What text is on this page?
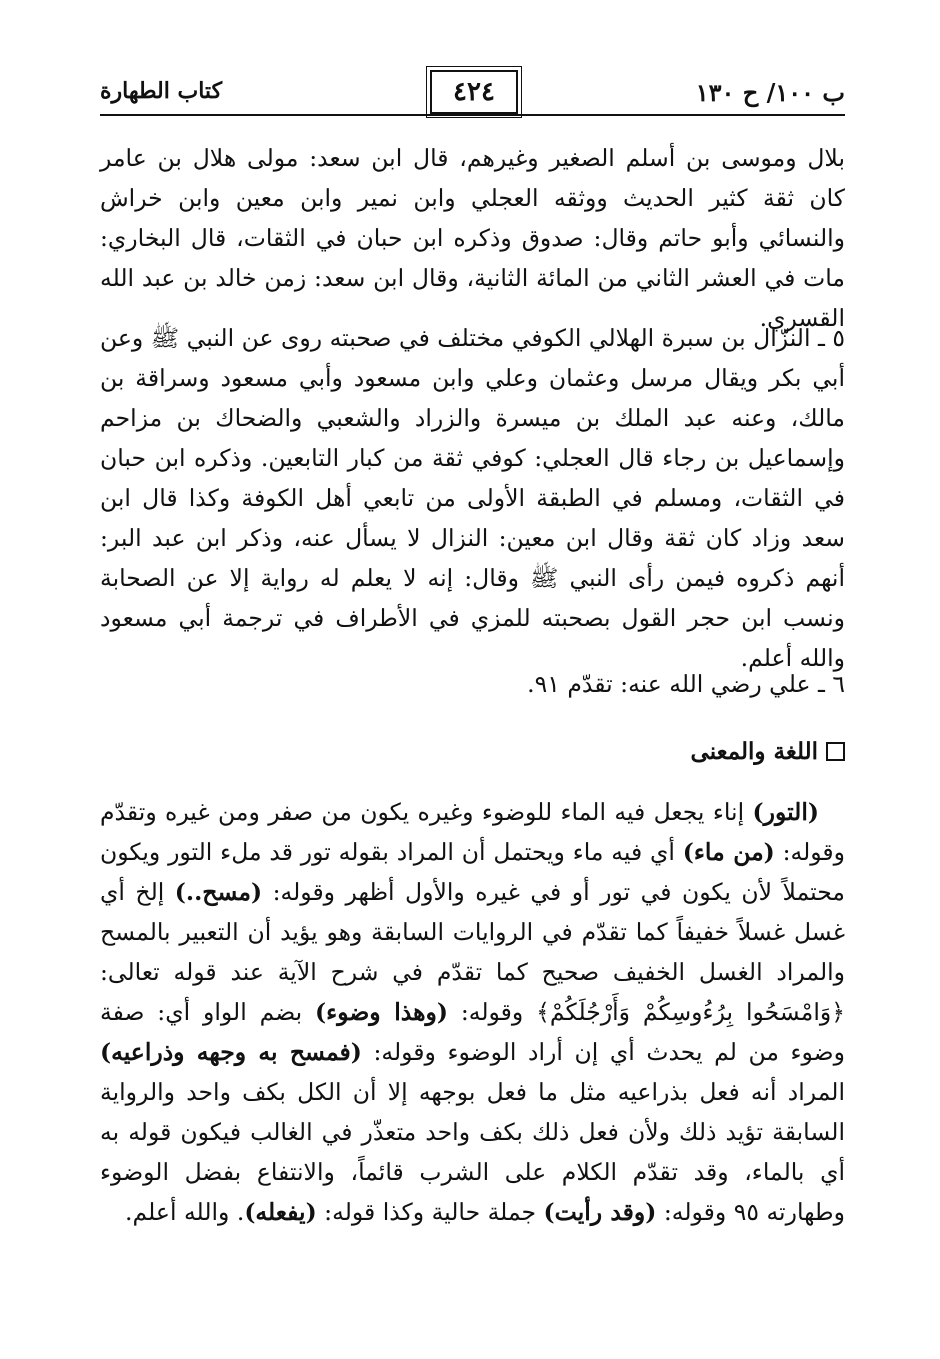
ب ١٠٠/ ح ١٣٠
٤٢٤
كتاب الطهارة
بلال وموسى بن أسلم الصغير وغيرهم، قال ابن سعد: مولى هلال بن عامر كان ثقة كثير الحديث ووثقه العجلي وابن نمير وابن معين وابن خراش والنسائي وأبو حاتم وقال: صدوق وذكره ابن حبان في الثقات، قال البخاري: مات في العشر الثاني من المائة الثانية، وقال ابن سعد: زمن خالد بن عبد الله القسري.
٥ ـ النزّال بن سبرة الهلالي الكوفي مختلف في صحبته روى عن النبي ﷺ وعن أبي بكر ويقال مرسل وعثمان وعلي وابن مسعود وأبي مسعود وسراقة بن مالك، وعنه عبد الملك بن ميسرة والزراد والشعبي والضحاك بن مزاحم وإسماعيل بن رجاء قال العجلي: كوفي ثقة من كبار التابعين. وذكره ابن حبان في الثقات، ومسلم في الطبقة الأولى من تابعي أهل الكوفة وكذا قال ابن سعد وزاد كان ثقة وقال ابن معين: النزال لا يسأل عنه، وذكر ابن عبد البر: أنهم ذكروه فيمن رأى النبي ﷺ وقال: إنه لا يعلم له رواية إلا عن الصحابة ونسب ابن حجر القول بصحبته للمزي في الأطراف في ترجمة أبي مسعود والله أعلم.
٦ ـ علي رضي الله عنه: تقدّم ٩١.
اللغة والمعنى
(التور) إناء يجعل فيه الماء للوضوء وغيره يكون من صفر ومن غيره وتقدّم وقوله: (من ماء) أي فيه ماء ويحتمل أن المراد بقوله تور قد ملء التور ويكون محتملاً لأن يكون في تور أو في غيره والأول أظهر وقوله: (مسح..) إلخ أي غسل غسلاً خفيفاً كما تقدّم في الروايات السابقة وهو يؤيد أن التعبير بالمسح والمراد الغسل الخفيف صحيح كما تقدّم في شرح الآية عند قوله تعالى: ﴿وَامْسَحُوا بِرُءُوسِكُمْ وَأَرْجُلَكُمْ﴾ وقوله: (وهذا وضوء) بضم الواو أي: صفة وضوء من لم يحدث أي إن أراد الوضوء وقوله: (فمسح به وجهه وذراعيه) المراد أنه فعل بذراعيه مثل ما فعل بوجهه إلا أن الكل بكف واحد والرواية السابقة تؤيد ذلك ولأن فعل ذلك بكف واحد متعذّر في الغالب فيكون قوله به أي بالماء، وقد تقدّم الكلام على الشرب قائماً، والانتفاع بفضل الوضوء وطهارته ٩٥ وقوله: (وقد رأيت) جملة حالية وكذا قوله: (يفعله). والله أعلم.
